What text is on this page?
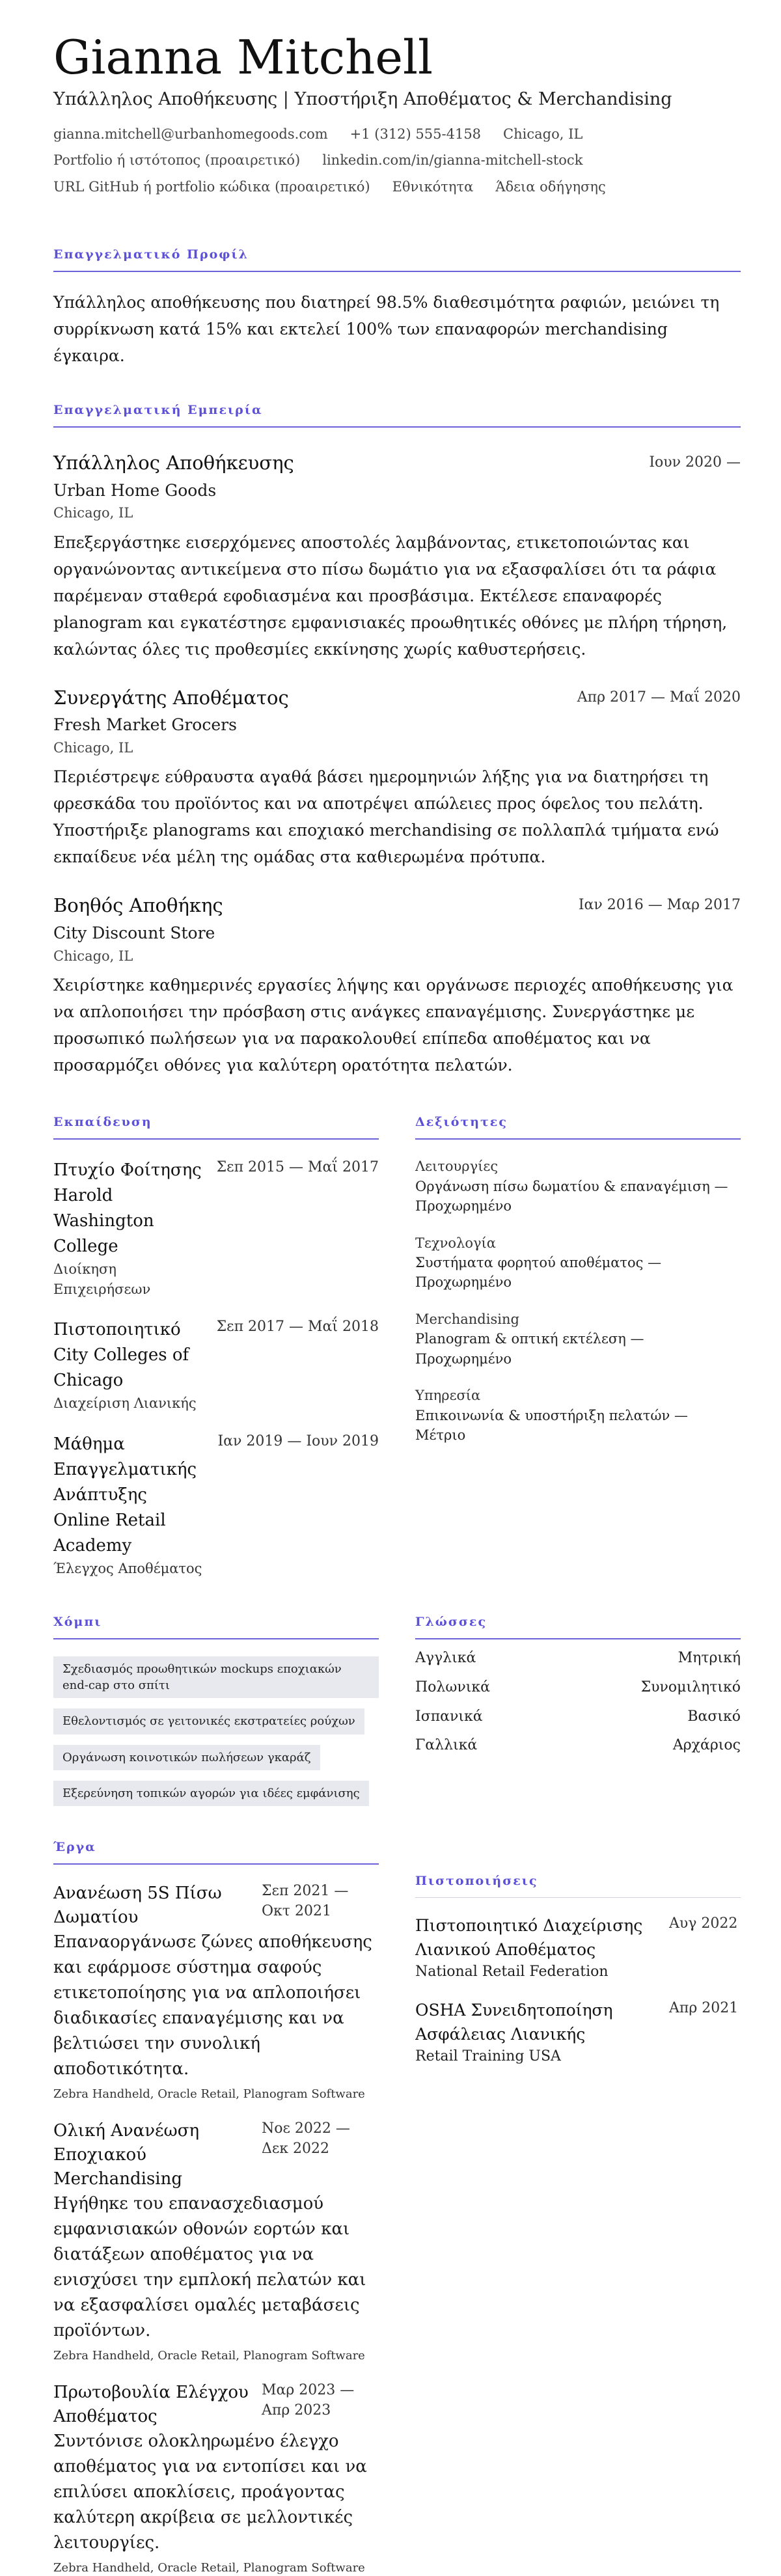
Gianna Mitchell
Υπάλληλος Αποθήκευσης | Υποστήριξη Αποθέματος & Merchandising
gianna.mitchell@urbanhomegoods.com +1 (312) 555-4158 Chicago, IL
Portfolio ή ιστότοπος (προαιρετικό) linkedin.com/in/gianna-mitchell-stock
URL GitHub ή portfolio κώδικα (προαιρετικό) Εθνικότητα Άδεια οδήγησης
Επαγγελματικό Προφίλ

Υπάλληλος αποθήκευσης που διατηρεί 98.5% διαθεσιμότητα ραφιών, μειώνει τη συρρίκνωση κατά 15% και εκτελεί 100% των επαναφορών merchandising έγκαιρα.

Επαγγελματική Εμπειρία
Υπάλληλος Αποθήκευσης	Ιουν 2020 —
Urban Home Goods
Chicago, IL

Επεξεργάστηκε εισερχόμενες αποστολές λαμβάνοντας, ετικετοποιώντας και οργανώνοντας αντικείμενα στο πίσω δωμάτιο για να εξασφαλίσει ότι τα ράφια παρέμεναν σταθερά εφοδιασμένα και προσβάσιμα. Εκτέλεσε επαναφορές planogram και εγκατέστησε εμφανισιακές προωθητικές οθόνες με πλήρη τήρηση, καλώντας όλες τις προθεσμίες εκκίνησης χωρίς καθυστερήσεις.

Συνεργάτης Αποθέματος	Απρ 2017 — Μαΐ 2020
Fresh Market Grocers
Chicago, IL

Περιέστρεψε εύθραυστα αγαθά βάσει ημερομηνιών λήξης για να διατηρήσει τη φρεσκάδα του προϊόντος και να αποτρέψει απώλειες προς όφελος του πελάτη. Υποστήριξε planograms και εποχιακό merchandising σε πολλαπλά τμήματα ενώ εκπαίδευε νέα μέλη της ομάδας στα καθιερωμένα πρότυπα.

Βοηθός Αποθήκης	Ιαν 2016 — Μαρ 2017
City Discount Store
Chicago, IL

Χειρίστηκε καθημερινές εργασίες λήψης και οργάνωσε περιοχές αποθήκευσης για να απλοποιήσει την πρόσβαση στις ανάγκες επαναγέμισης. Συνεργάστηκε με προσωπικό πωλήσεων για να παρακολουθεί επίπεδα αποθέματος και να προσαρμόζει οθόνες για καλύτερη ορατότητα πελατών.

Εκπαίδευση
Πτυχίο Φοίτησης
Harold Washington College
Διοίκηση Επιχειρήσεων
Σεπ 2015 — Μαΐ 2017
Πιστοποιητικό
City Colleges of Chicago
Διαχείριση Λιανικής
Σεπ 2017 — Μαΐ 2018
Μάθημα Επαγγελματικής Ανάπτυξης
Online Retail Academy
Έλεγχος Αποθέματος
Ιαν 2019 — Ιουν 2019
Δεξιότητες
Λειτουργίες
Οργάνωση πίσω δωματίου & επαναγέμιση — Προχωρημένο
Τεχνολογία
Συστήματα φορητού αποθέματος — Προχωρημένο
Merchandising
Planogram & οπτική εκτέλεση — Προχωρημένο
Υπηρεσία
Επικοινωνία & υποστήριξη πελατών — Μέτριο
Χόμπι
Σχεδιασμός προωθητικών mockups εποχιακών end-cap στο σπίτι
Εθελοντισμός σε γειτονικές εκστρατείες ρούχων
Οργάνωση κοινοτικών πωλήσεων γκαράζ
Εξερεύνηση τοπικών αγορών για ιδέες εμφάνισης
Γλώσσες
Αγγλικά	Μητρική
Πολωνικά	Συνομιλητικό
Ισπανικά	Βασικό
Γαλλικά	Αρχάριος
Έργα
Ανανέωση 5S Πίσω Δωματίου
Σεπ 2021 — Οκτ 2021

Επαναοργάνωσε ζώνες αποθήκευσης και εφάρμοσε σύστημα σαφούς ετικετοποίησης για να απλοποιήσει διαδικασίες επαναγέμισης και να βελτιώσει την συνολική αποδοτικότητα.

Zebra Handheld, Oracle Retail, Planogram Software
Ολική Ανανέωση Εποχιακού Merchandising
Νοε 2022 — Δεκ 2022

Ηγήθηκε του επανασχεδιασμού εμφανισιακών οθονών εορτών και διατάξεων αποθέματος για να ενισχύσει την εμπλοκή πελατών και να εξασφαλίσει ομαλές μεταβάσεις προϊόντων.

Zebra Handheld, Oracle Retail, Planogram Software
Πρωτοβουλία Ελέγχου Αποθέματος
Μαρ 2023 — Απρ 2023

Συντόνισε ολοκληρωμένο έλεγχο αποθέματος για να εντοπίσει και να επιλύσει αποκλίσεις, προάγοντας καλύτερη ακρίβεια σε μελλοντικές λειτουργίες.

Zebra Handheld, Oracle Retail, Planogram Software
Πιστοποιήσεις
Πιστοποιητικό Διαχείρισης Λιανικού Αποθέματος
National Retail Federation
Αυγ 2022
OSHA Συνειδητοποίηση Ασφάλειας Λιανικής
Retail Training USA
Απρ 2021
